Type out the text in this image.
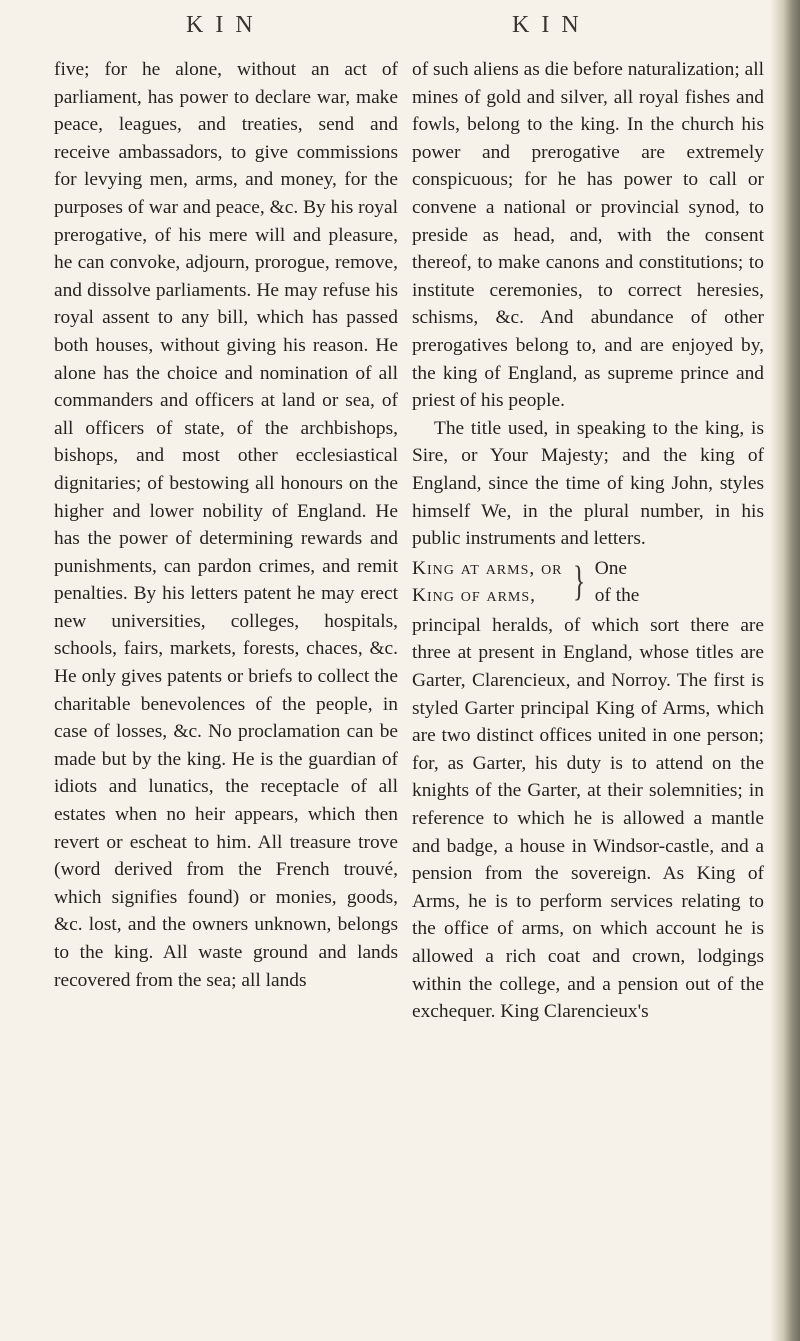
K I N	K I N

five; for he alone, without an act of parliament, has power to declare war, make peace, leagues, and treaties, send and receive ambassadors, to give commissions for levying men, arms, and money, for the purposes of war and peace, &c. By his royal prerogative, of his mere will and pleasure, he can convoke, adjourn, prorogue, remove, and dissolve parliaments. He may refuse his royal assent to any bill, which has passed both houses, without giving his reason. He alone has the choice and nomination of all commanders and officers at land or sea, of all officers of state, of the archbishops, bishops, and most other ecclesiastical dignitaries; of bestowing all honours on the higher and lower nobility of England. He has the power of determining rewards and punishments, can pardon crimes, and remit penalties. By his letters patent he may erect new universities, colleges, hospitals, schools, fairs, markets, forests, chaces, &c. He only gives patents or briefs to collect the charitable benevolences of the people, in case of losses, &c. No proclamation can be made but by the king. He is the guardian of idiots and lunatics, the receptacle of all estates when no heir appears, which then revert or escheat to him. All treasure trove (word derived from the French trouvé, which signifies found) or monies, goods, &c. lost, and the owners unknown, belongs to the king. All waste ground and lands recovered from the sea; all lands

of such aliens as die before naturalization; all mines of gold and silver, all royal fishes and fowls, belong to the king. In the church his power and prerogative are extremely conspicuous; for he has power to call or convene a national or provincial synod, to preside as head, and, with the consent thereof, to make canons and constitutions; to institute ceremonies, to correct heresies, schisms, &c. And abundance of other prerogatives belong to, and are enjoyed by, the king of England, as supreme prince and priest of his people.

The title used, in speaking to the king, is Sire, or Your Majesty; and the king of England, since the time of king John, styles himself We, in the plural number, in his public instruments and letters.

King at arms, or
King of arms, } One
of the

principal heralds, of which sort there are three at present in England, whose titles are Garter, Clarencieux, and Norroy. The first is styled Garter principal King of Arms, which are two distinct offices united in one person; for, as Garter, his duty is to attend on the knights of the Garter, at their solemnities; in reference to which he is allowed a mantle and badge, a house in Windsor-castle, and a pension from the sovereign. As King of Arms, he is to perform services relating to the office of arms, on which account he is allowed a rich coat and crown, lodgings within the college, and a pension out of the exchequer. King Clarencieux's
